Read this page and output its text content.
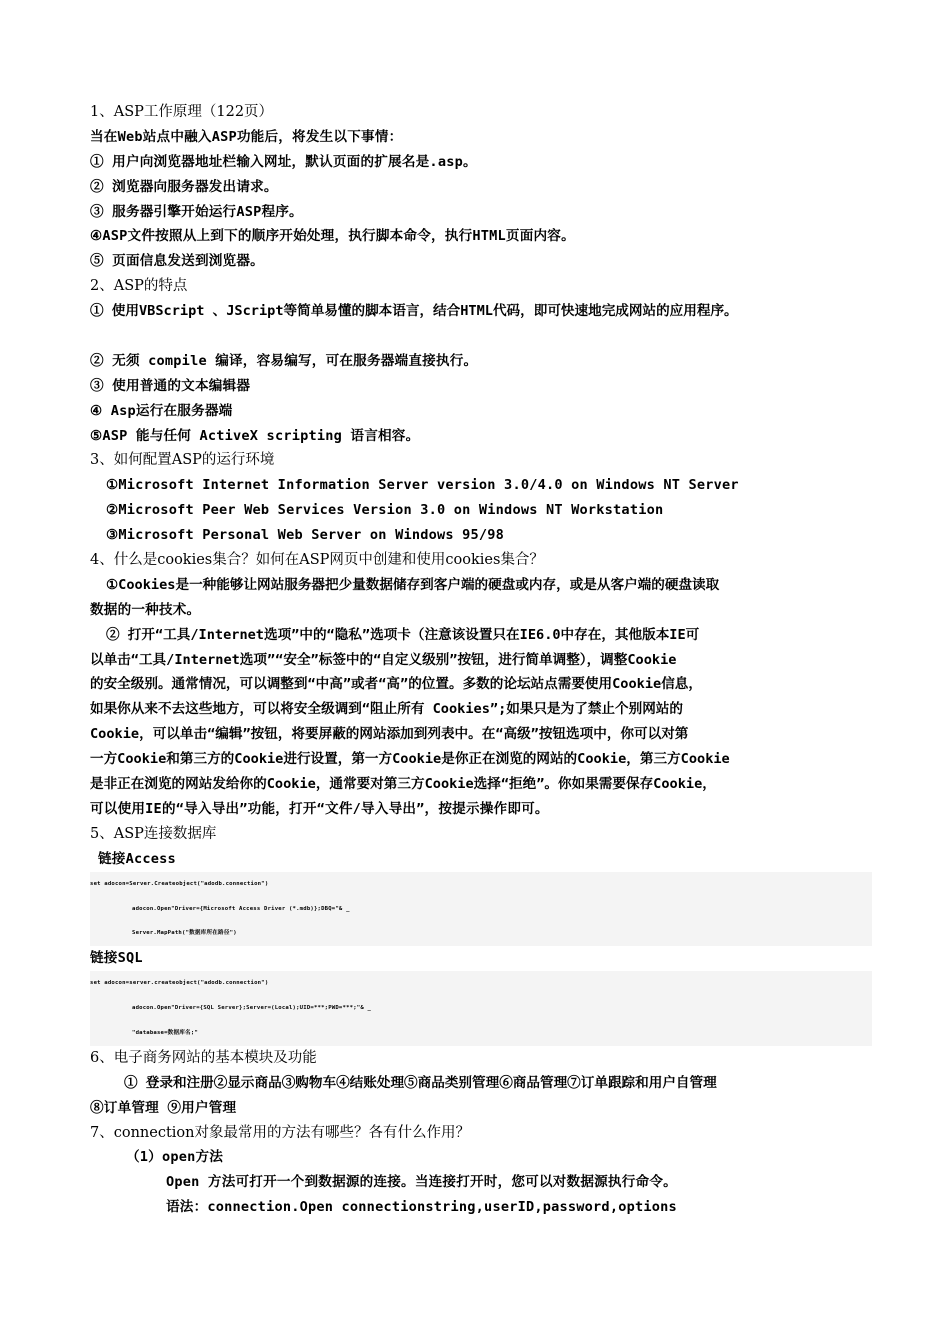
1、ASP工作原理（122页）
当在Web站点中融入ASP功能后，将发生以下事情：
① 用户向浏览器地址栏输入网址，默认页面的扩展名是.asp。
② 浏览器向服务器发出请求。
③ 服务器引擎开始运行ASP程序。
④ASP文件按照从上到下的顺序开始处理，执行脚本命令，执行HTML页面内容。
⑤ 页面信息发送到浏览器。
2、ASP的特点
① 使用VBScript 、JScript等简单易懂的脚本语言，结合HTML代码，即可快速地完成网站的应用程序。
② 无须 compile 编译，容易编写，可在服务器端直接执行。
③ 使用普通的文本编辑器
④ Asp运行在服务器端
⑤ASP 能与任何 ActiveX scripting 语言相容。
3、如何配置ASP的运行环境
①Microsoft Internet Information Server version 3.0/4.0 on Windows NT Server
②Microsoft Peer Web Services Version 3.0 on Windows NT Workstation
③Microsoft Personal Web Server on Windows 95/98
4、什么是cookies集合？如何在ASP网页中创建和使用cookies集合？
①Cookies是一种能够让网站服务器把少量数据储存到客户端的硬盘或内存，或是从客户端的硬盘读取
数据的一种技术。
② 打开“工具/Internet选项”中的“隐私”选项卡（注意该设置只在IE6.0中存在，其他版本IE可
以单击“工具/Internet选项”“安全”标签中的“自定义级别”按钮，进行简单调整），调整Cookie
的安全级别。通常情况，可以调整到“中高”或者“高”的位置。多数的论坛站点需要使用Cookie信息，
如果你从来不去这些地方，可以将安全级调到“阻止所有 Cookies”;如果只是为了禁止个别网站的
Cookie，可以单击“编辑”按钮，将要屏蔽的网站添加到列表中。在“高级”按钮选项中，你可以对第
一方Cookie和第三方的Cookie进行设置，第一方Cookie是你正在浏览的网站的Cookie，第三方Cookie
是非正在浏览的网站发给你的Cookie，通常要对第三方Cookie选择“拒绝”。你如果需要保存Cookie，
可以使用IE的“导入导出”功能，打开“文件/导入导出”，按提示操作即可。
5、ASP连接数据库
链接Access
set adocon=Server.Createobject("adodb.connection")
adocon.Open"Driver={Microsoft Access Driver (*.mdb)};DBQ="& _
Server.MapPath("数据库所在路径")
链接SQL
set adocon=server.createobject("adodb.connection")
adocon.Open"Driver={SQL Server};Server=(Local);UID=***;PWD=***;"& _
"database=数据库名;"
6、电子商务网站的基本模块及功能
① 登录和注册②显示商品③购物车④结账处理⑤商品类别管理⑥商品管理⑦订单跟踪和用户自管理
⑧订单管理 ⑨用户管理
7、connection对象最常用的方法有哪些？各有什么作用？
（1）open方法
Open 方法可打开一个到数据源的连接。当连接打开时，您可以对数据源执行命令。
语法：connection.Open connectionstring,userID,password,options
